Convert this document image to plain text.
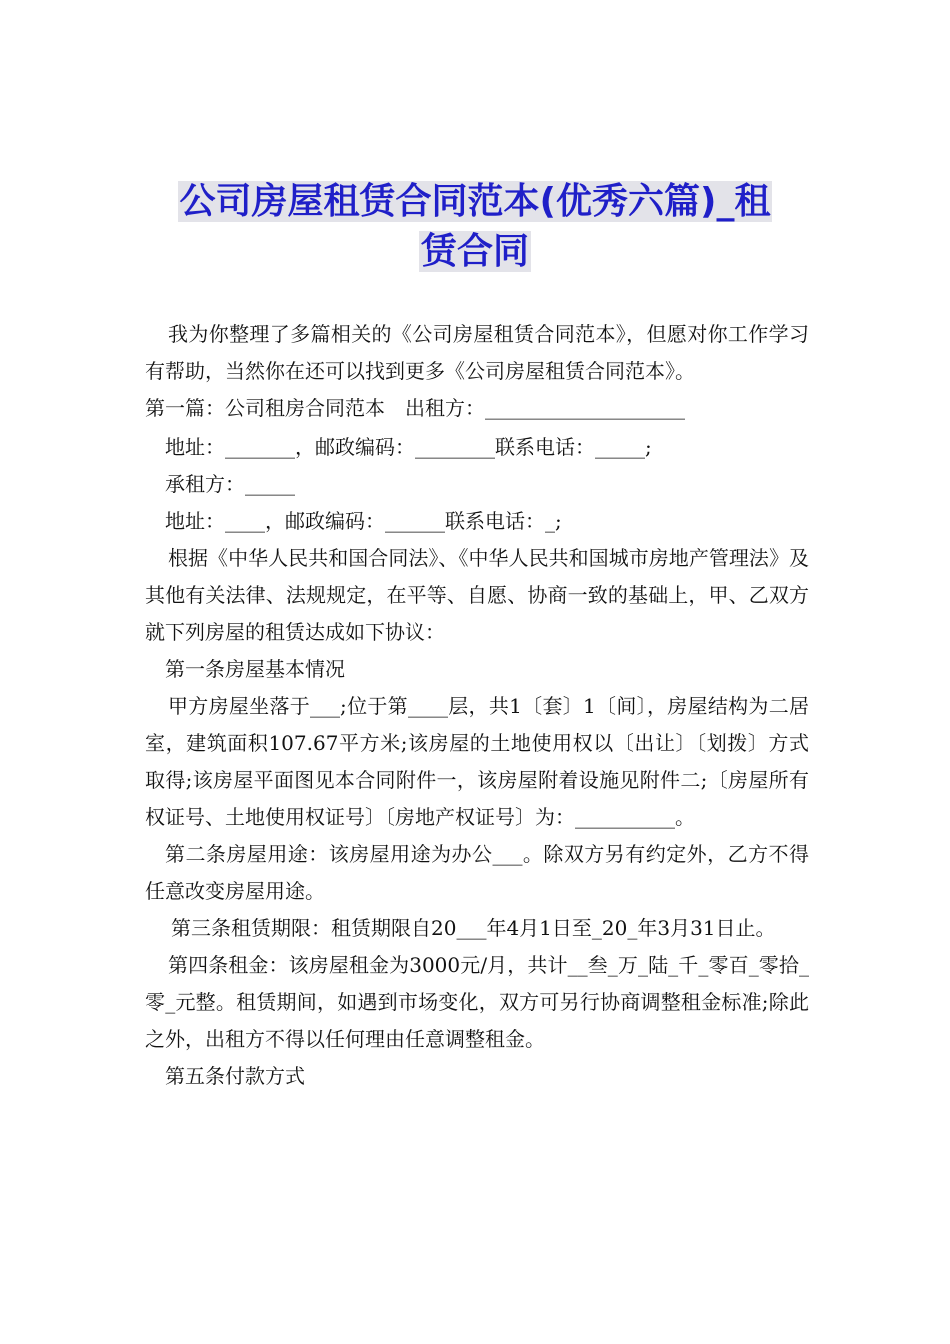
公司房屋租赁合同范本(优秀六篇)_租
赁合同

我为你整理了多篇相关的《公司房屋租赁合同范本》，但愿对你工作学习有帮助，当然你在还可以找到更多《公司房屋租赁合同范本》。

第一篇：公司租房合同范本　出租方：____________________

地址：_______，邮政编码：________联系电话：_____;

承租方：_____

地址：____，邮政编码：______联系电话：_;

根据《中华人民共和国合同法》、《中华人民共和国城市房地产管理法》及其他有关法律、法规规定，在平等、自愿、协商一致的基础上，甲、乙双方就下列房屋的租赁达成如下协议：

第一条房屋基本情况

甲方房屋坐落于___;位于第____层，共1〔套〕1〔间〕，房屋结构为二居室，建筑面积107.67平方米;该房屋的土地使用权以〔出让〕〔划拨〕方式取得;该房屋平面图见本合同附件一，该房屋附着设施见附件二;〔房屋所有权证号、土地使用权证号〕〔房地产权证号〕为：__________。

第二条房屋用途：该房屋用途为办公___。除双方另有约定外，乙方不得任意改变房屋用途。

第三条租赁期限：租赁期限自20___年4月1日至_20_年3月31日止。

第四条租金：该房屋租金为3000元/月，共计__叁_万_陆_千_零百_零拾_零_元整。租赁期间，如遇到市场变化，双方可另行协商调整租金标准;除此之外，出租方不得以任何理由任意调整租金。

第五条付款方式
